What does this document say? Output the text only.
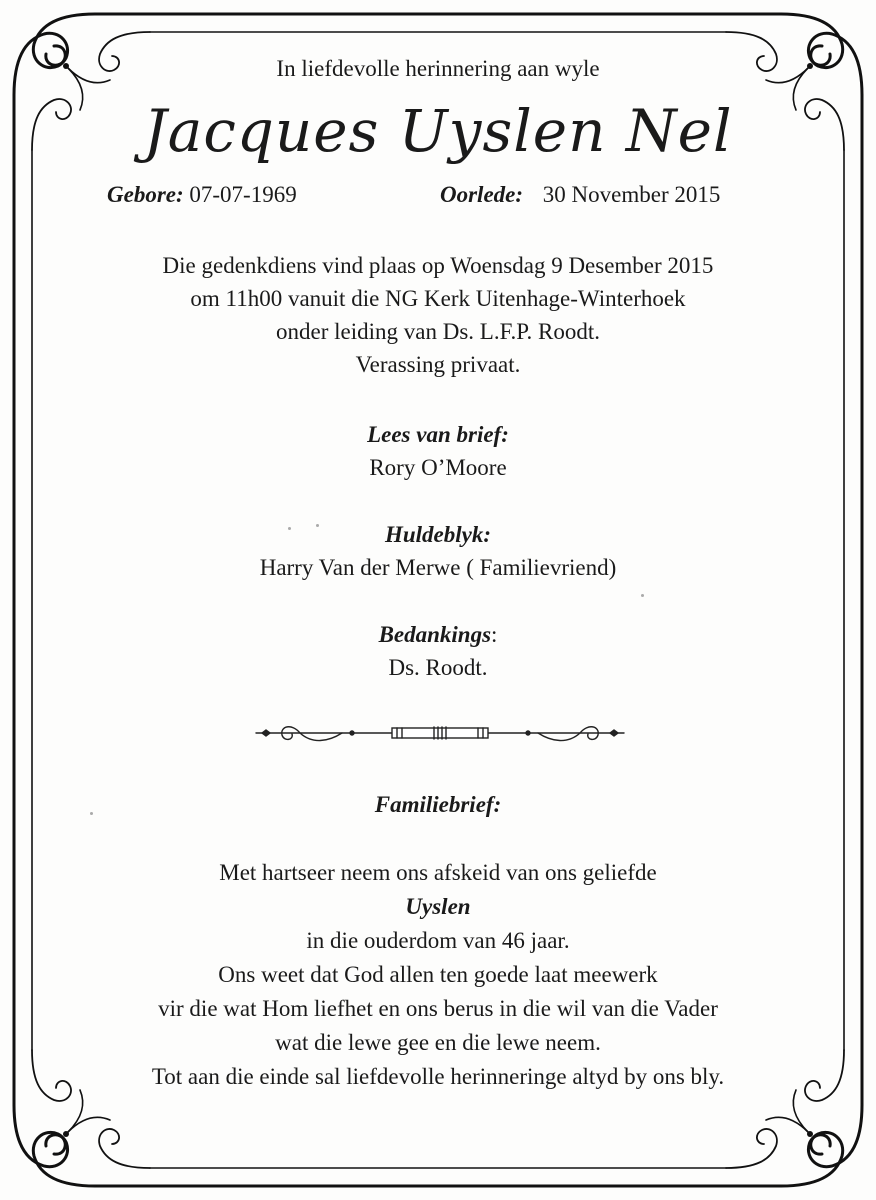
In liefdevolle herinnering aan wyle
Jacques Uyslen Nel
Gebore: 07-07-1969	Oorlede: 30 November 2015
Die gedenkdiens vind plaas op Woensdag 9 Desember 2015
om 11h00 vanuit die NG Kerk Uitenhage-Winterhoek
onder leiding van Ds. L.F.P. Roodt.
Verassing privaat.
Lees van brief:
Rory O’Moore
Huldeblyk:
Harry Van der Merwe ( Familievriend)
Bedankings:
Ds. Roodt.
Familiebrief:
Met hartseer neem ons afskeid van ons geliefde
Uyslen
in die ouderdom van 46 jaar.
Ons weet dat God allen ten goede laat meewerk
vir die wat Hom liefhet en ons berus in die wil van die Vader
wat die lewe gee en die lewe neem.
Tot aan die einde sal liefdevolle herinneringe altyd by ons bly.
